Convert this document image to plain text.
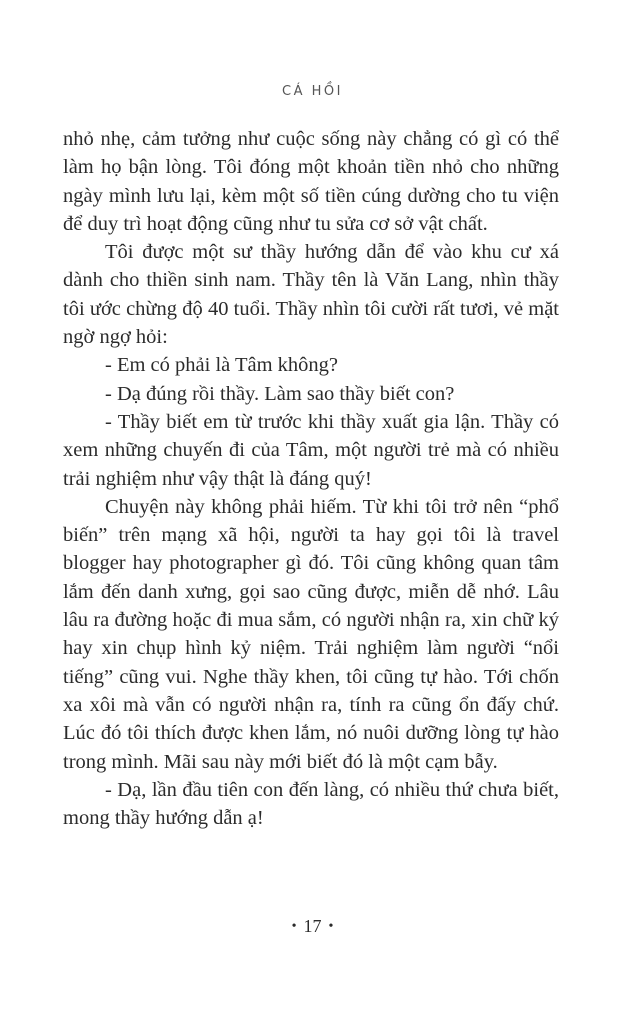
CÁ HỒI

nhỏ nhẹ, cảm tưởng như cuộc sống này chẳng có gì có thể làm họ bận lòng. Tôi đóng một khoản tiền nhỏ cho những ngày mình lưu lại, kèm một số tiền cúng dường cho tu viện để duy trì hoạt động cũng như tu sửa cơ sở vật chất.

Tôi được một sư thầy hướng dẫn để vào khu cư xá dành cho thiền sinh nam. Thầy tên là Văn Lang, nhìn thầy tôi ước chừng độ 40 tuổi. Thầy nhìn tôi cười rất tươi, vẻ mặt ngờ ngợ hỏi:

- Em có phải là Tâm không?

- Dạ đúng rồi thầy. Làm sao thầy biết con?

- Thầy biết em từ trước khi thầy xuất gia lận. Thầy có xem những chuyến đi của Tâm, một người trẻ mà có nhiều trải nghiệm như vậy thật là đáng quý!

Chuyện này không phải hiếm. Từ khi tôi trở nên “phổ biến” trên mạng xã hội, người ta hay gọi tôi là travel blogger hay photographer gì đó. Tôi cũng không quan tâm lắm đến danh xưng, gọi sao cũng được, miễn dễ nhớ. Lâu lâu ra đường hoặc đi mua sắm, có người nhận ra, xin chữ ký hay xin chụp hình kỷ niệm. Trải nghiệm làm người “nổi tiếng” cũng vui. Nghe thầy khen, tôi cũng tự hào. Tới chốn xa xôi mà vẫn có người nhận ra, tính ra cũng ổn đấy chứ. Lúc đó tôi thích được khen lắm, nó nuôi dưỡng lòng tự hào trong mình. Mãi sau này mới biết đó là một cạm bẫy.

- Dạ, lần đầu tiên con đến làng, có nhiều thứ chưa biết, mong thầy hướng dẫn ạ!

• 17 •
